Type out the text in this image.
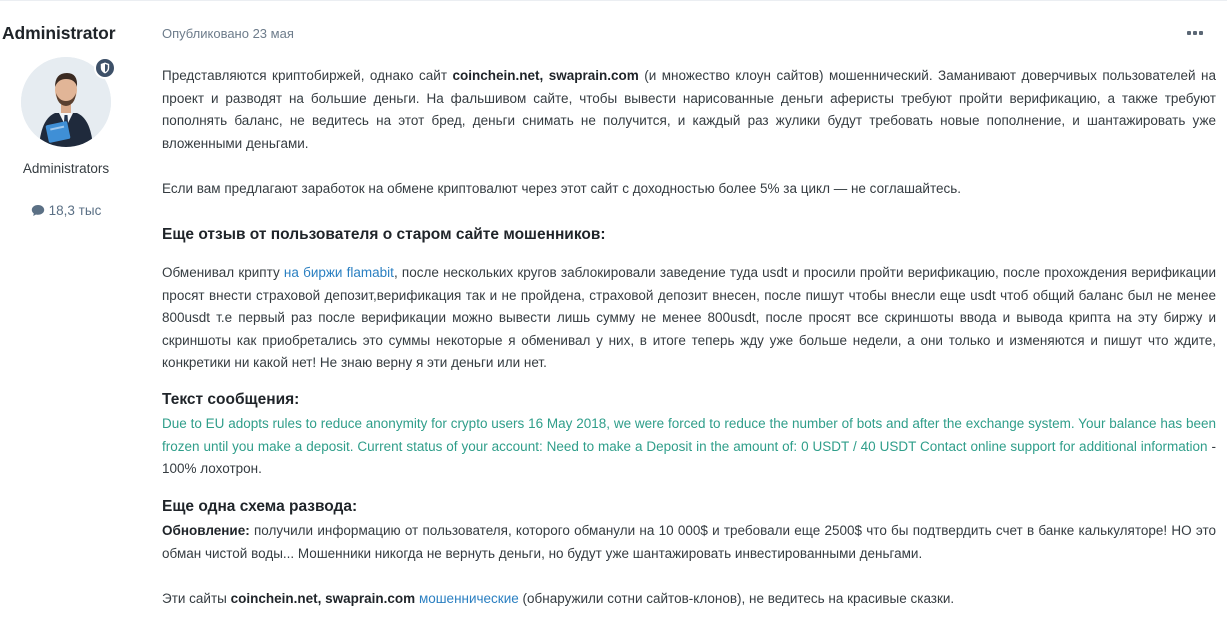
Administrator
Administrators
18,3 тыс
Опубликовано 23 мая
Представляются криптобиржей, однако сайт coinchein.net, swaprain.com (и множество клоун сайтов) мошеннический. Заманивают доверчивых пользователей на проект и разводят на большие деньги. На фальшивом сайте, чтобы вывести нарисованные деньги аферисты требуют пройти верификацию, а также требуют пополнять баланс, не ведитесь на этот бред, деньги снимать не получится, и каждый раз жулики будут требовать новые пополнение, и шантажировать уже вложенными деньгами.
Если вам предлагают заработок на обмене криптовалют через этот сайт с доходностью более 5% за цикл — не соглашайтесь.
Еще отзыв от пользователя о старом сайте мошенников:
Обменивал крипту на биржи flamabit, после нескольких кругов заблокировали заведение туда usdt и просили пройти верификацию, после прохождения верификации просят внести страховой депозит,верификация так и не пройдена, страховой депозит внесен, после пишут чтобы внесли еще usdt чтоб общий баланс был не менее 800usdt т.е первый раз после верификации можно вывести лишь сумму не менее 800usdt, после просят все скриншоты ввода и вывода крипта на эту биржу и скриншоты как приобретались это суммы некоторые я обменивал у них, в итоге теперь жду уже больше недели, а они только и изменяются и пишут что ждите, конкретики ни какой нет! Не знаю верну я эти деньги или нет.
Текст сообщения:
Due to EU adopts rules to reduce anonymity for crypto users 16 May 2018, we were forced to reduce the number of bots and after the exchange system. Your balance has been frozen until you make a deposit. Current status of your account: Need to make a Deposit in the amount of: 0 USDT / 40 USDT Contact online support for additional information - 100% лохотрон.
Еще одна схема развода:
Обновление: получили информацию от пользователя, которого обманули на 10 000$ и требовали еще 2500$ что бы подтвердить счет в банке калькуляторе! НО это обман чистой воды... Мошенники никогда не вернуть деньги, но будут уже шантажировать инвестированными деньгами.
Эти сайты coinchein.net, swaprain.com мошеннические (обнаружили сотни сайтов-клонов), не ведитесь на красивые сказки.
